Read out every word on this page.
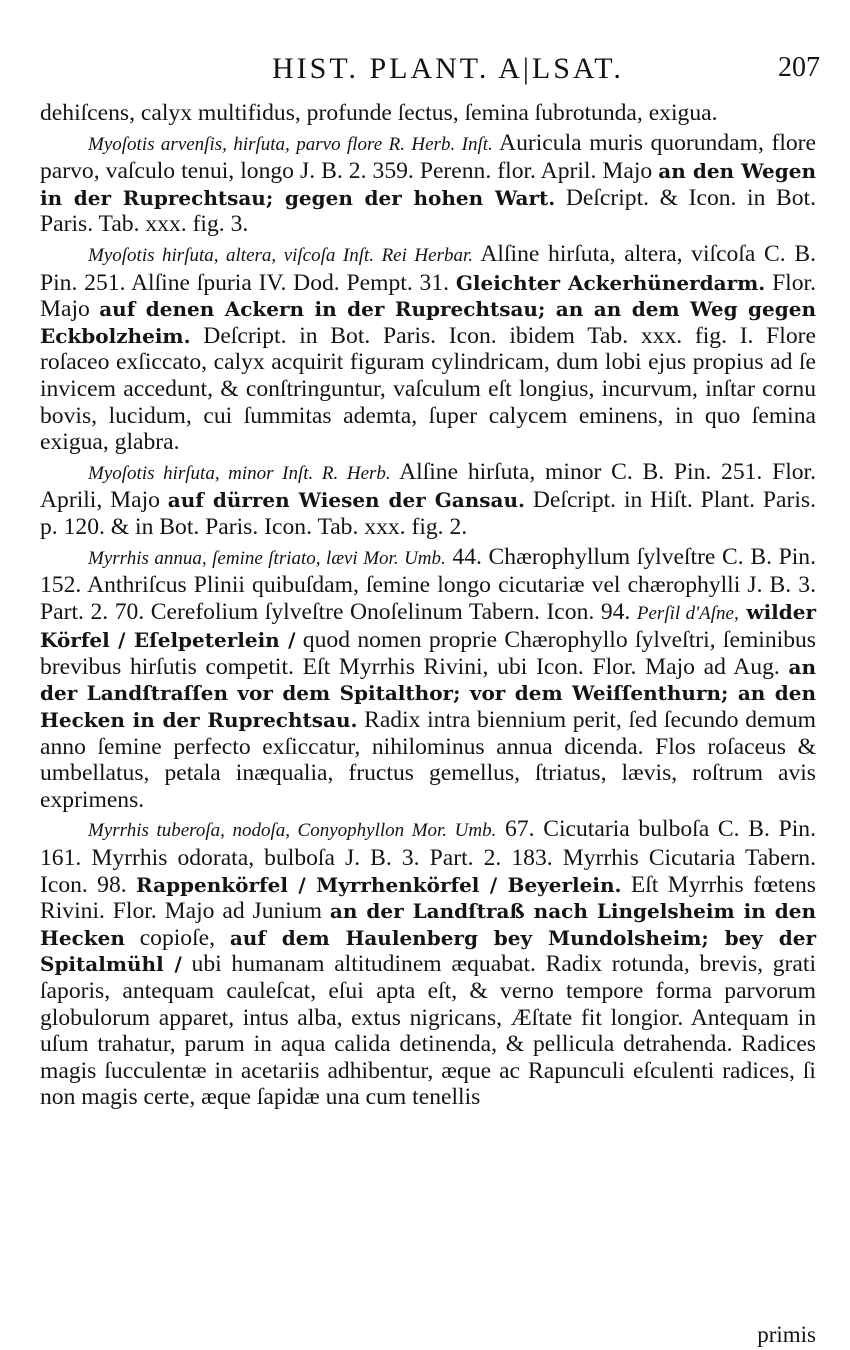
HIST. PLANT. A|LSAT.	207

dehiſcens, calyx multifidus, profunde ſectus, ſemina ſubrotunda, exigua.

Myoſotis arvenſis, hirſuta, parvo flore R. Herb. Inſt. Auricula muris quorundam, flore parvo, vaſculo tenui, longo J. B. 2. 359. Perenn. flor. April. Majo an den Wegen in der Ruprechtsau; gegen der hohen Wart. Deſcript. & Icon. in Bot. Paris. Tab. xxx. fig. 3.

Myoſotis hirſuta, altera, viſcoſa Inſt. Rei Herbar. Alſine hirſuta, altera, viſcoſa C. B. Pin. 251. Alſine ſpuria IV. Dod. Pempt. 31. Gleichter Ackerhünerdarm. Flor. Majo auf denen Ackern in der Ruprechtsau; an an dem Weg gegen Eckbolzheim. Deſcript. in Bot. Paris. Icon. ibidem Tab. xxx. fig. I. Flore roſaceo exſiccato, calyx acquirit figuram cylindricam, dum lobi ejus propius ad ſe invicem accedunt, & conſtringuntur, vaſculum eſt longius, incurvum, inſtar cornu bovis, lucidum, cui ſummitas ademta, ſuper calycem eminens, in quo ſemina exigua, glabra.

Myoſotis hirſuta, minor Inſt. R. Herb. Alſine hirſuta, minor C. B. Pin. 251. Flor. Aprili, Majo auf dürren Wiesen der Gansau. Deſcript. in Hiſt. Plant. Paris. p. 120. & in Bot. Paris. Icon. Tab. xxx. fig. 2.

Myrrhis annua, ſemine ſtriato, lævi Mor. Umb. 44. Chærophyllum ſylveſtre C. B. Pin. 152. Anthriſcus Plinii quibuſdam, ſemine longo cicutariæ vel chærophylli J. B. 3. Part. 2. 70. Cerefolium ſylveſtre Onoſelinum Tabern. Icon. 94. Perſil d'Aſne, wilder Körfel / Eſelpeterlein / quod nomen proprie Chærophyllo ſylveſtri, ſeminibus brevibus hirſutis competit. Eſt Myrrhis Rivini, ubi Icon. Flor. Majo ad Aug. an der Landſtraſſen vor dem Spitalthor; vor dem Weiſſenthurn; an den Hecken in der Ruprechtsau. Radix intra biennium perit, ſed ſecundo demum anno ſemine perfecto exſiccatur, nihilominus annua dicenda. Flos roſaceus & umbellatus, petala inæqualia, fructus gemellus, ſtriatus, lævis, roſtrum avis exprimens.

Myrrhis tuberoſa, nodoſa, Conyophyllon Mor. Umb. 67. Cicutaria bulboſa C. B. Pin. 161. Myrrhis odorata, bulboſa J. B. 3. Part. 2. 183. Myrrhis Cicutaria Tabern. Icon. 98. Rappenkörfel / Myrrhenkörfel / Beyerlein. Eſt Myrrhis fœtens Rivini. Flor. Majo ad Junium an der Landſtraß nach Lingelsheim in den Hecken copioſe, auf dem Haulenberg bey Mundolsheim; bey der Spitalmühl / ubi humanam altitudinem æquabat. Radix rotunda, brevis, grati ſaporis, antequam cauleſcat, eſui apta eſt, & verno tempore forma parvorum globulorum apparet, intus alba, extus nigricans, Æſtate fit longior. Antequam in uſum trahatur, parum in aqua calida detinenda, & pellicula detrahenda. Radices magis ſucculentæ in acetariis adhibentur, æque ac Rapunculi eſculenti radices, ſi non magis certe, æque ſapidæ una cum tenellis

primis
